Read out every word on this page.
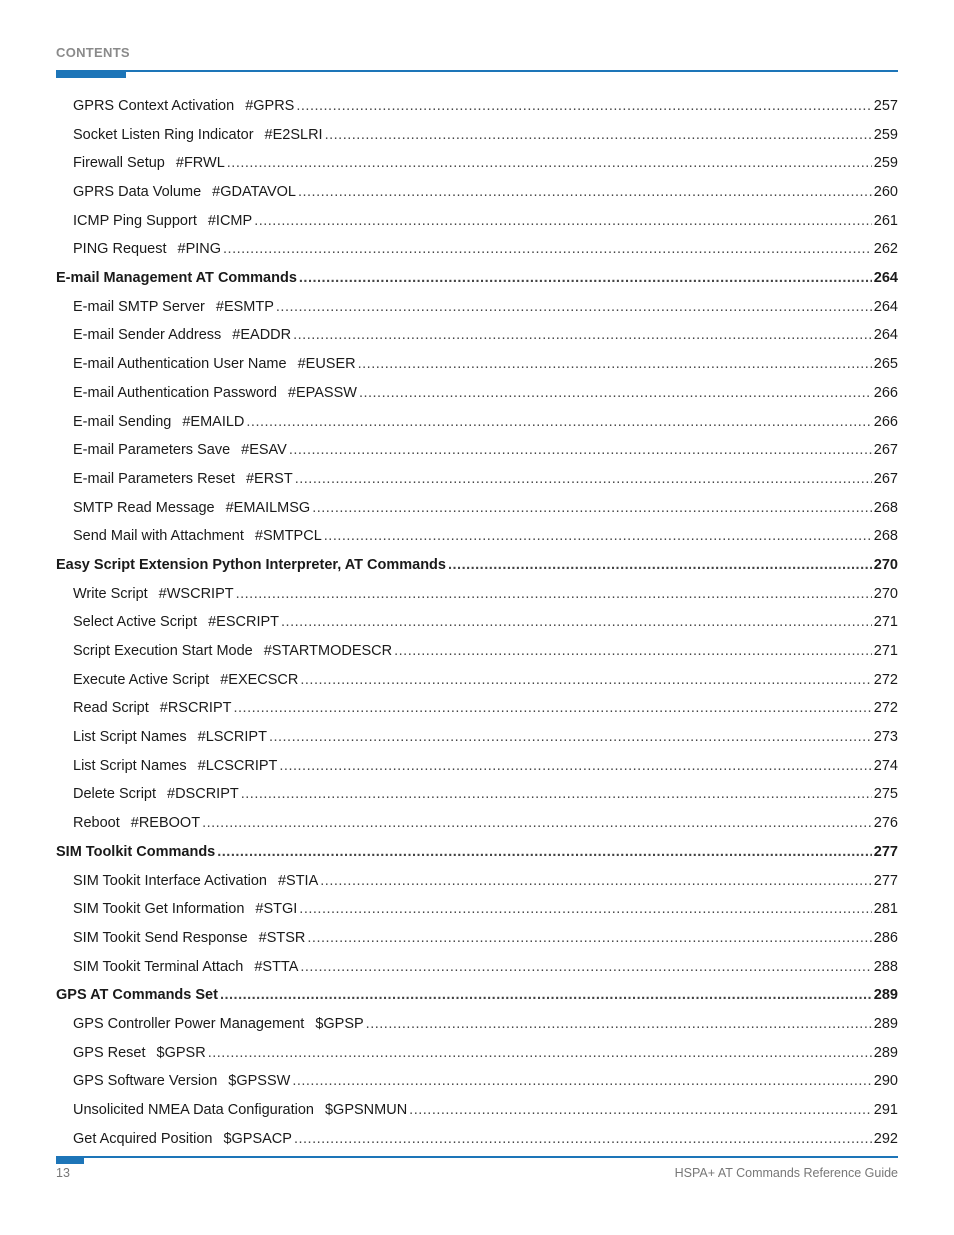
CONTENTS
GPRS Context Activation #GPRS .....	257
Socket Listen Ring Indicator #E2SLRI .....	259
Firewall Setup #FRWL .....	259
GPRS Data Volume #GDATAVOL .....	260
ICMP Ping Support #ICMP .....	261
PING Request #PING .....	262
E-mail Management AT Commands .....	264
E-mail SMTP Server #ESMTP .....	264
E-mail Sender Address #EADDR .....	264
E-mail Authentication User Name #EUSER .....	265
E-mail Authentication Password #EPASSW .....	266
E-mail Sending #EMAILD .....	266
E-mail Parameters Save #ESAV .....	267
E-mail Parameters Reset #ERST .....	267
SMTP Read Message #EMAILMSG .....	268
Send Mail with Attachment #SMTPCL .....	268
Easy Script Extension Python Interpreter, AT Commands .....	270
Write Script #WSCRIPT .....	270
Select Active Script #ESCRIPT .....	271
Script Execution Start Mode #STARTMODESCR .....	271
Execute Active Script #EXECSCR .....	272
Read Script #RSCRIPT .....	272
List Script Names #LSCRIPT .....	273
List Script Names #LCSCRIPT .....	274
Delete Script #DSCRIPT .....	275
Reboot #REBOOT .....	276
SIM Toolkit Commands .....	277
SIM Tookit Interface Activation #STIA .....	277
SIM Tookit Get Information #STGI .....	281
SIM Tookit Send Response #STSR .....	286
SIM Tookit Terminal Attach #STTA .....	288
GPS AT Commands Set .....	289
GPS Controller Power Management $GPSP .....	289
GPS Reset $GPSR .....	289
GPS Software Version $GPSSW .....	290
Unsolicited NMEA Data Configuration $GPSNMUN .....	291
Get Acquired Position $GPSACP .....	292
13	HSPA+ AT Commands Reference Guide
